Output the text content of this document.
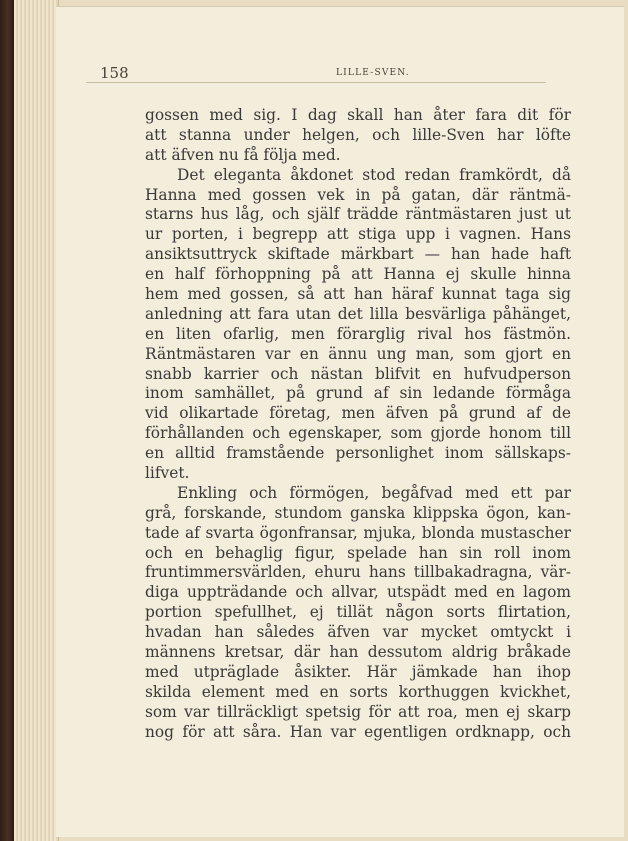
158	LILLE-SVEN.
gossen med sig. I dag skall han åter fara dit för
att stanna under helgen, och lille-Sven har löfte
att äfven nu få följa med.
Det eleganta åkdonet stod redan framkördt, då
Hanna med gossen vek in på gatan, där räntmä-
starns hus låg, och själf trädde räntmästaren just ut
ur porten, i begrepp att stiga upp i vagnen. Hans
ansiktsuttryck skiftade märkbart — han hade haft
en half förhoppning på att Hanna ej skulle hinna
hem med gossen, så att han häraf kunnat taga sig
anledning att fara utan det lilla besvärliga påhänget,
en liten ofarlig, men förarglig rival hos fästmön.
Räntmästaren var en ännu ung man, som gjort en
snabb karrier och nästan blifvit en hufvudperson
inom samhället, på grund af sin ledande förmåga
vid olikartade företag, men äfven på grund af de
förhållanden och egenskaper, som gjorde honom till
en alltid framstående personlighet inom sällskaps-
lifvet.
Enkling och förmögen, begåfvad med ett par
grå, forskande, stundom ganska klippska ögon, kan-
tade af svarta ögonfransar, mjuka, blonda mustascher
och en behaglig figur, spelade han sin roll inom
fruntimmersvärlden, ehuru hans tillbakadragna, vär-
diga uppträdande och allvar, utspädt med en lagom
portion spefullhet, ej tillät någon sorts flirtation,
hvadan han således äfven var mycket omtyckt i
männens kretsar, där han dessutom aldrig bråkade
med utpräglade åsikter. Här jämkade han ihop
skilda element med en sorts korthuggen kvickhet,
som var tillräckligt spetsig för att roa, men ej skarp
nog för att såra. Han var egentligen ordknapp, och
